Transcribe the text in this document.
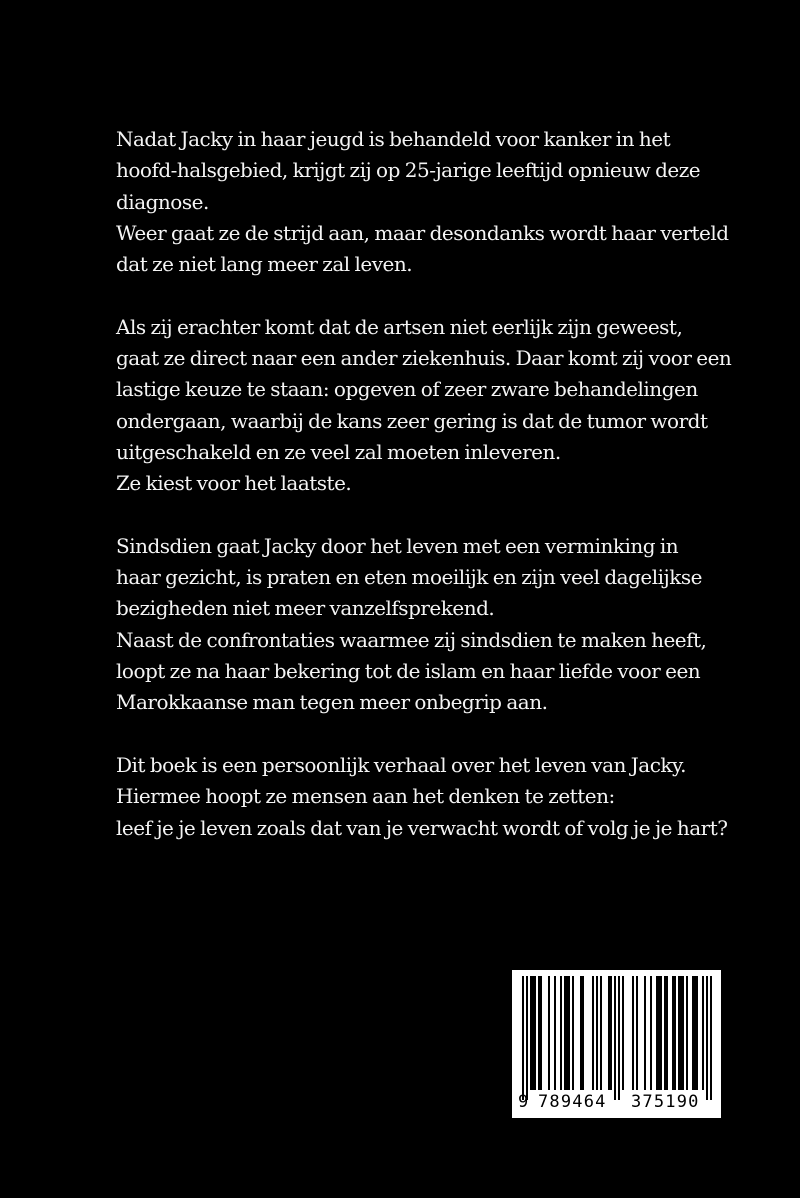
Nadat Jacky in haar jeugd is behandeld voor kanker in het
hoofd-halsgebied, krijgt zij op 25-jarige leeftijd opnieuw deze
diagnose.
Weer gaat ze de strijd aan, maar desondanks wordt haar verteld
dat ze niet lang meer zal leven.

Als zij erachter komt dat de artsen niet eerlijk zijn geweest,
gaat ze direct naar een ander ziekenhuis. Daar komt zij voor een
lastige keuze te staan: opgeven of zeer zware behandelingen
ondergaan, waarbij de kans zeer gering is dat de tumor wordt
uitgeschakeld en ze veel zal moeten inleveren.
Ze kiest voor het laatste.

Sindsdien gaat Jacky door het leven met een verminking in
haar gezicht, is praten en eten moeilijk en zijn veel dagelijkse
bezigheden niet meer vanzelfsprekend.
Naast de confrontaties waarmee zij sindsdien te maken heeft,
loopt ze na haar bekering tot de islam en haar liefde voor een
Marokkaanse man tegen meer onbegrip aan.

Dit boek is een persoonlijk verhaal over het leven van Jacky.
Hiermee hoopt ze mensen aan het denken te zetten:
leef je je leven zoals dat van je verwacht wordt of volg je je hart?

9 789464 375190
